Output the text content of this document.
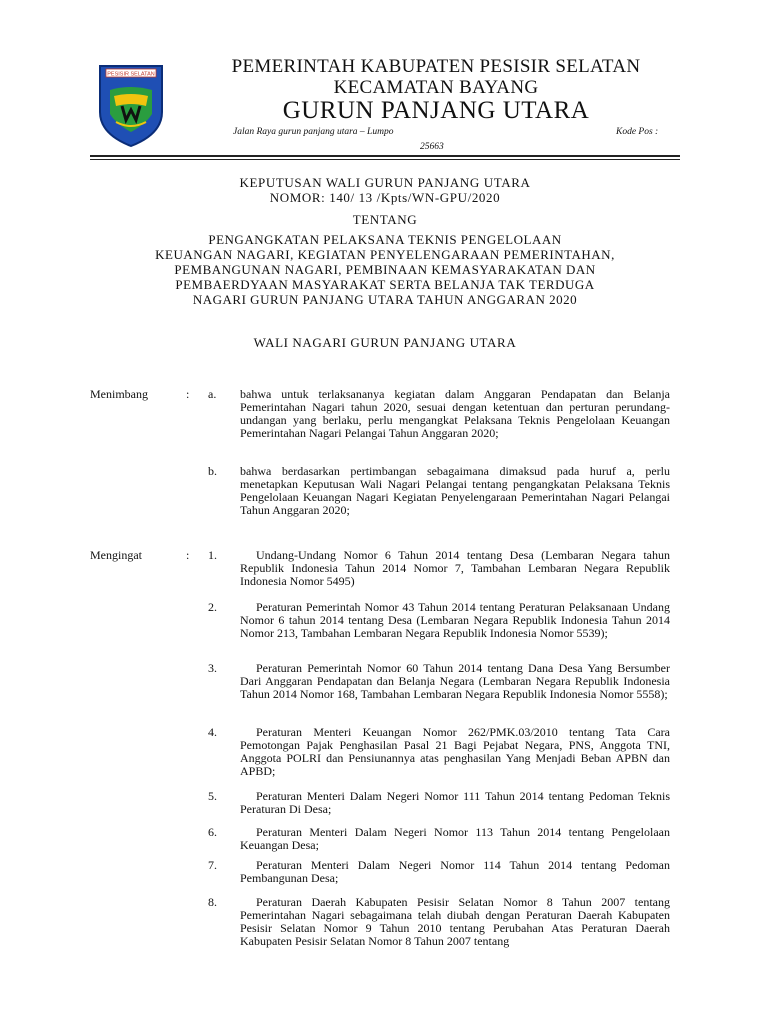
PESISIR SELATAN	PEMERINTAH KABUPATEN PESISIR SELATAN
KECAMATAN BAYANG
GURUN PANJANG UTARA
Jalan Raya gurun panjang utara – Lumpo	Kode Pos :
25663
KEPUTUSAN WALI GURUN PANJANG UTARA
NOMOR: 140/ 13 /Kpts/WN-GPU/2020
TENTANG
PENGANGKATAN PELAKSANA TEKNIS PENGELOLAAN
KEUANGAN NAGARI, KEGIATAN PENYELENGARAAN PEMERINTAHAN,
PEMBANGUNAN NAGARI, PEMBINAAN KEMASYARAKATAN DAN
PEMBAERDYAAN MASYARAKAT SERTA BELANJA TAK TERDUGA
NAGARI GURUN PANJANG UTARA TAHUN ANGGARAN 2020
WALI NAGARI GURUN PANJANG UTARA
Menimbang	: a. bahwa untuk terlaksananya kegiatan dalam Anggaran Pendapatan dan Belanja Pemerintahan Nagari tahun 2020, sesuai dengan ketentuan dan perturan perundang-undangan yang berlaku, perlu mengangkat Pelaksana Teknis Pengelolaan Keuangan Pemerintahan Nagari Pelangai Tahun Anggaran 2020;
b. bahwa berdasarkan pertimbangan sebagaimana dimaksud pada huruf a, perlu menetapkan Keputusan Wali Nagari Pelangai tentang pengangkatan Pelaksana Teknis Pengelolaan Keuangan Nagari Kegiatan Penyelengaraan Pemerintahan Nagari Pelangai Tahun Anggaran 2020;
Mengingat	: 1.	Undang-Undang Nomor 6 Tahun 2014 tentang Desa (Lembaran Negara tahun Republik Indonesia Tahun 2014 Nomor 7, Tambahan Lembaran Negara Republik Indonesia Nomor 5495)
2.	Peraturan Pemerintah Nomor 43 Tahun 2014 tentang Peraturan Pelaksanaan Undang Nomor 6 tahun 2014 tentang Desa (Lembaran Negara Republik Indonesia Tahun 2014 Nomor 213, Tambahan Lembaran Negara Republik Indonesia Nomor 5539);
3.	Peraturan Pemerintah Nomor 60 Tahun 2014 tentang Dana Desa Yang Bersumber Dari Anggaran Pendapatan dan Belanja Negara (Lembaran Negara Republik Indonesia Tahun 2014 Nomor 168, Tambahan Lembaran Negara Republik Indonesia Nomor 5558);
4.	Peraturan Menteri Keuangan Nomor 262/PMK.03/2010 tentang Tata Cara Pemotongan Pajak Penghasilan Pasal 21 Bagi Pejabat Negara, PNS, Anggota TNI, Anggota POLRI dan Pensiunannya atas penghasilan Yang Menjadi Beban APBN dan APBD;
5.	Peraturan Menteri Dalam Negeri Nomor 111 Tahun 2014 tentang Pedoman Teknis Peraturan Di Desa;
6.	Peraturan Menteri Dalam Negeri Nomor 113 Tahun 2014 tentang Pengelolaan Keuangan Desa;
7.	Peraturan Menteri Dalam Negeri Nomor 114 Tahun 2014 tentang Pedoman Pembangunan Desa;
8.	Peraturan Daerah Kabupaten Pesisir Selatan Nomor 8 Tahun 2007 tentang Pemerintahan Nagari sebagaimana telah diubah dengan Peraturan Daerah Kabupaten Pesisir Selatan Nomor 9 Tahun 2010 tentang Perubahan Atas Peraturan Daerah Kabupaten Pesisir Selatan Nomor 8 Tahun 2007 tentang
